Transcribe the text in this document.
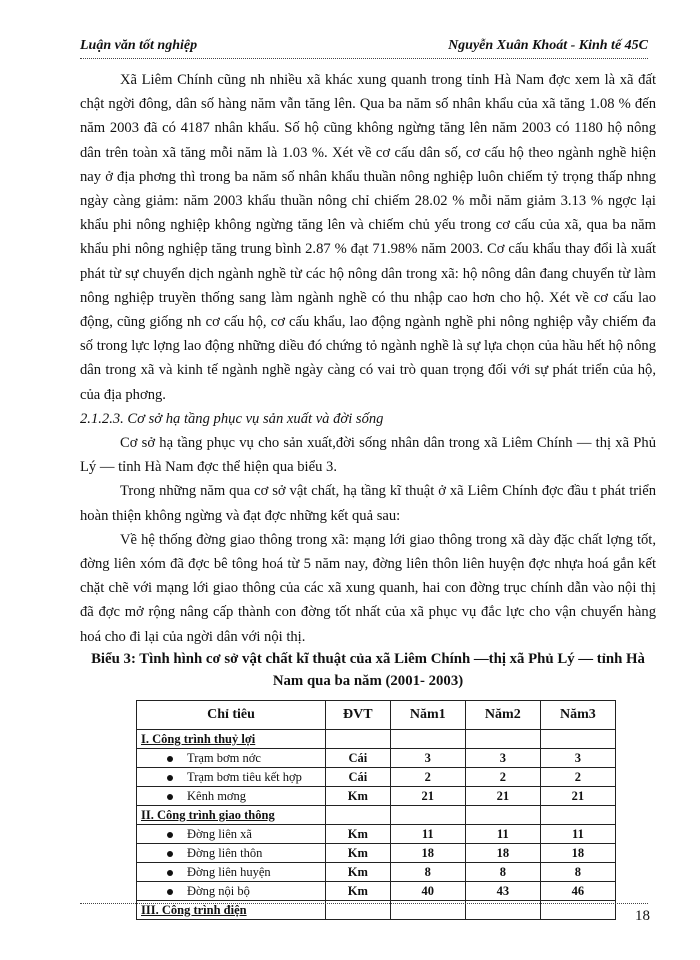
Luận văn tốt nghiệp	Nguyễn Xuân Khoát - Kinh tế 45C

Xã Liêm Chính cũng nh nhiều xã khác xung quanh trong tỉnh Hà Nam đợc xem là xã đất chật ngời đông, dân số hàng năm vẫn tăng lên. Qua ba năm số nhân khẩu của xã tăng 1.08 % đến năm 2003 đã có 4187 nhân khẩu. Số hộ cũng không ngừng tăng lên năm 2003 có 1180 hộ nông dân trên toàn xã tăng mỗi năm là 1.03 %. Xét về cơ cấu dân số, cơ cấu hộ theo ngành nghề hiện nay ở địa phơng thì trong ba năm số nhân khẩu thuần nông nghiệp luôn chiếm tỷ trọng thấp nhng ngày càng giảm: năm 2003 khẩu thuần nông chỉ chiếm 28.02 % mỗi năm giảm 3.13 % ngợc lại khẩu phi nông nghiệp không ngừng tăng lên và chiếm chủ yếu trong cơ cấu của xã, qua ba năm khẩu phi nông nghiệp tăng trung bình 2.87 % đạt 71.98% năm 2003. Cơ cấu khẩu thay đổi là xuất phát từ sự chuyển dịch ngành nghề từ các hộ nông dân trong xã: hộ nông dân đang chuyển từ làm nông nghiệp truyền thống sang làm ngành nghề có thu nhập cao hơn cho hộ. Xét về cơ cấu lao động, cũng giống nh cơ cấu hộ, cơ cấu khẩu, lao động ngành nghề phi nông nghiệp vẫy chiếm đa số trong lực lợng lao động những diều đó chứng tỏ ngành nghề là sự lựa chọn của hầu hết hộ nông dân trong xã và kinh tế ngành nghề ngày càng có vai trò quan trọng đối với sự phát triển của hộ, của địa phơng.

2.1.2.3. Cơ sở hạ tầng phục vụ sản xuất và đời sống

Cơ sở hạ tầng phục vụ cho sản xuất,đời sống nhân dân trong xã Liêm Chính — thị xã Phủ Lý — tỉnh Hà Nam đợc thể hiện qua biểu 3.

Trong những năm qua cơ sở vật chất, hạ tầng kĩ thuật ở xã Liêm Chính đợc đầu t phát triển hoàn thiện không ngừng và đạt đợc những kết quả sau:

Về hệ thống đờng giao thông trong xã: mạng lới giao thông trong xã dày đặc chất lợng tốt, đờng liên xóm đã đợc bê tông hoá từ 5 năm nay, đờng liên thôn liên huyện đợc nhựa hoá gắn kết chặt chẽ với mạng lới giao thông của các xã xung quanh, hai con đờng trục chính dẫn vào nội thị đã đợc mở rộng nâng cấp thành con đờng tốt nhất của xã phục vụ đắc lực cho vận chuyển hàng hoá cho đi lại của ngời dân với nội thị.

Biểu 3: Tình hình cơ sở vật chất kĩ thuật của xã Liêm Chính —thị xã Phủ Lý — tỉnh Hà Nam qua ba năm (2001- 2003)
Chỉ tiêu	ĐVT	Năm1	Năm2	Năm3
I. Công trình thuỷ lợi				
Trạm bơm nớc	Cái	3	3	3
Trạm bơm tiêu kết hợp	Cái	2	2	2
Kênh mơng	Km	21	21	21
II. Công trình giao thông				
Đờng liên xã	Km	11	11	11
Đờng liên thôn	Km	18	18	18
Đờng liên huyện	Km	8	8	8
Đờng nội bộ	Km	40	43	46
III. Công trình điện					18
